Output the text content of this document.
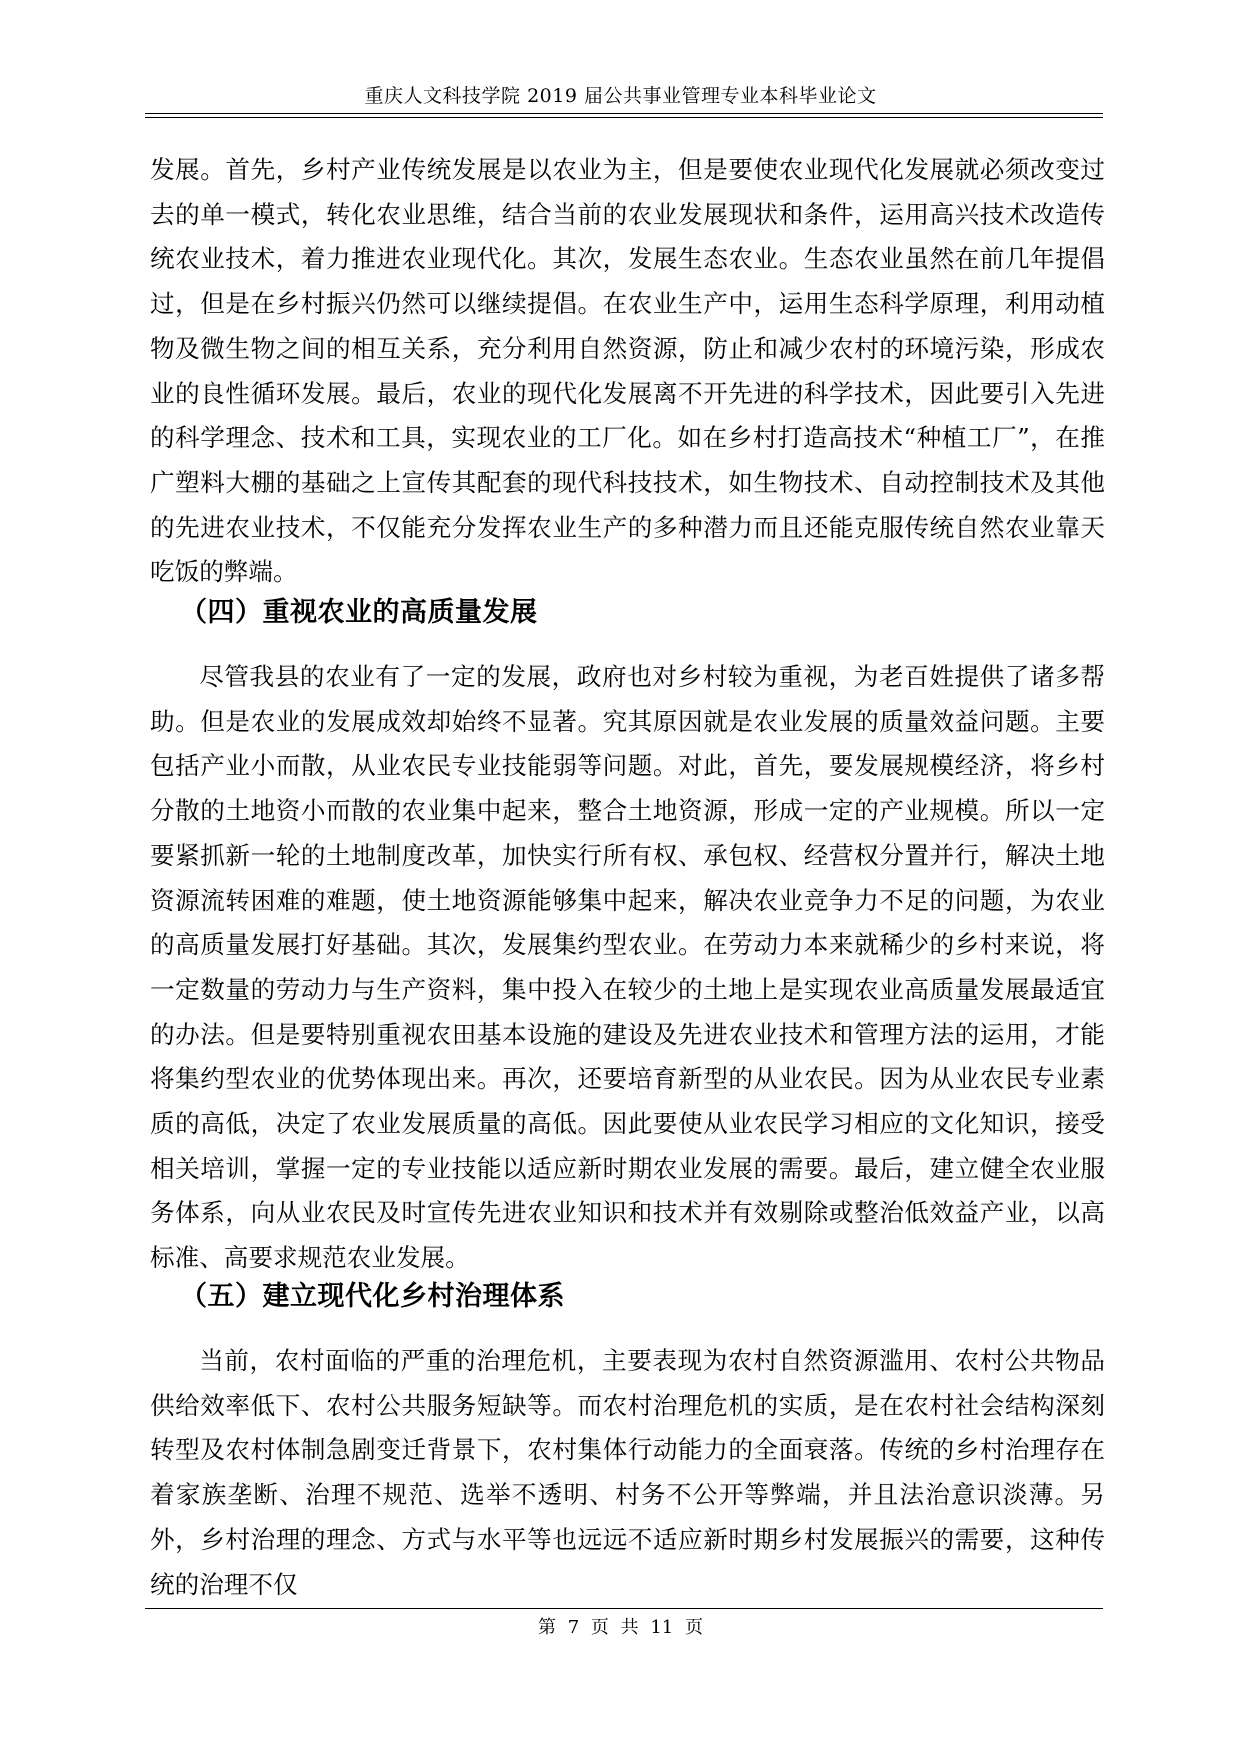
重庆人文科技学院 2019 届公共事业管理专业本科毕业论文

发展。首先，乡村产业传统发展是以农业为主，但是要使农业现代化发展就必须改变过去的单一模式，转化农业思维，结合当前的农业发展现状和条件，运用高兴技术改造传统农业技术，着力推进农业现代化。其次，发展生态农业。生态农业虽然在前几年提倡过，但是在乡村振兴仍然可以继续提倡。在农业生产中，运用生态科学原理，利用动植物及微生物之间的相互关系，充分利用自然资源，防止和减少农村的环境污染，形成农业的良性循环发展。最后，农业的现代化发展离不开先进的科学技术，因此要引入先进的科学理念、技术和工具，实现农业的工厂化。如在乡村打造高技术“种植工厂”，在推广塑料大棚的基础之上宣传其配套的现代科技技术，如生物技术、自动控制技术及其他的先进农业技术，不仅能充分发挥农业生产的多种潜力而且还能克服传统自然农业靠天吃饭的弊端。

（四）重视农业的高质量发展

尽管我县的农业有了一定的发展，政府也对乡村较为重视，为老百姓提供了诸多帮助。但是农业的发展成效却始终不显著。究其原因就是农业发展的质量效益问题。主要包括产业小而散，从业农民专业技能弱等问题。对此，首先，要发展规模经济，将乡村分散的土地资小而散的农业集中起来，整合土地资源，形成一定的产业规模。所以一定要紧抓新一轮的土地制度改革，加快实行所有权、承包权、经营权分置并行，解决土地资源流转困难的难题，使土地资源能够集中起来，解决农业竞争力不足的问题，为农业的高质量发展打好基础。其次，发展集约型农业。在劳动力本来就稀少的乡村来说，将一定数量的劳动力与生产资料，集中投入在较少的土地上是实现农业高质量发展最适宜的办法。但是要特别重视农田基本设施的建设及先进农业技术和管理方法的运用，才能将集约型农业的优势体现出来。再次，还要培育新型的从业农民。因为从业农民专业素质的高低，决定了农业发展质量的高低。因此要使从业农民学习相应的文化知识，接受相关培训，掌握一定的专业技能以适应新时期农业发展的需要。最后，建立健全农业服务体系，向从业农民及时宣传先进农业知识和技术并有效剔除或整治低效益产业，以高标准、高要求规范农业发展。

（五）建立现代化乡村治理体系

当前，农村面临的严重的治理危机，主要表现为农村自然资源滥用、农村公共物品供给效率低下、农村公共服务短缺等。而农村治理危机的实质，是在农村社会结构深刻转型及农村体制急剧变迁背景下，农村集体行动能力的全面衰落。传统的乡村治理存在着家族垄断、治理不规范、选举不透明、村务不公开等弊端，并且法治意识淡薄。另外，乡村治理的理念、方式与水平等也远远不适应新时期乡村发展振兴的需要，这种传统的治理不仅

第 7 页 共 11 页
